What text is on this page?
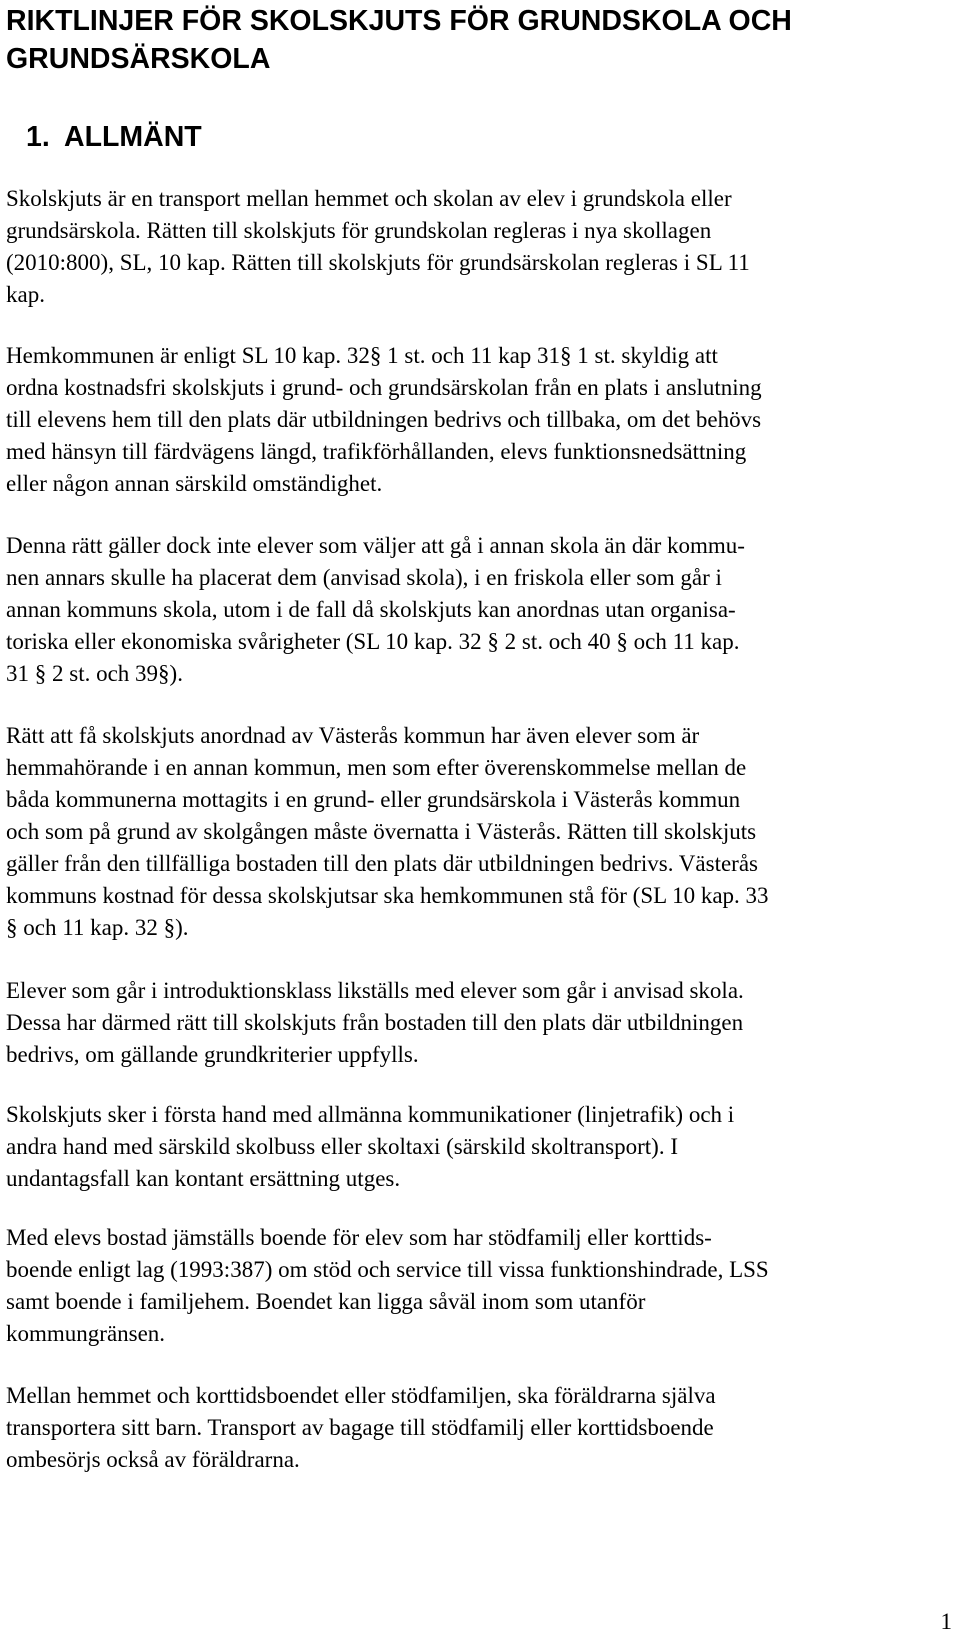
RIKTLINJER FÖR SKOLSKJUTS FÖR GRUNDSKOLA OCH
GRUNDSÄRSKOLA
1. ALLMÄNT
Skolskjuts är en transport mellan hemmet och skolan av elev i grundskola eller
grundsärskola. Rätten till skolskjuts för grundskolan regleras i nya skollagen
(2010:800), SL, 10 kap. Rätten till skolskjuts för grundsärskolan regleras i SL 11
kap.
Hemkommunen är enligt SL 10 kap. 32§ 1 st. och 11 kap 31§ 1 st. skyldig att
ordna kostnadsfri skolskjuts i grund- och grundsärskolan från en plats i anslutning
till elevens hem till den plats där utbildningen bedrivs och tillbaka, om det behövs
med hänsyn till färdvägens längd, trafikförhållanden, elevs funktionsnedsättning
eller någon annan särskild omständighet.
Denna rätt gäller dock inte elever som väljer att gå i annan skola än där kommu-
nen annars skulle ha placerat dem (anvisad skola), i en friskola eller som går i
annan kommuns skola, utom i de fall då skolskjuts kan anordnas utan organisa-
toriska eller ekonomiska svårigheter (SL 10 kap. 32 § 2 st. och 40 § och 11 kap.
31 § 2 st. och 39§).
Rätt att få skolskjuts anordnad av Västerås kommun har även elever som är
hemmahörande i en annan kommun, men som efter överenskommelse mellan de
båda kommunerna mottagits i en grund- eller grundsärskola i Västerås kommun
och som på grund av skolgången måste övernatta i Västerås. Rätten till skolskjuts
gäller från den tillfälliga bostaden till den plats där utbildningen bedrivs. Västerås
kommuns kostnad för dessa skolskjutsar ska hemkommunen stå för (SL 10 kap. 33
§ och 11 kap. 32 §).
Elever som går i introduktionsklass likställs med elever som går i anvisad skola.
Dessa har därmed rätt till skolskjuts från bostaden till den plats där utbildningen
bedrivs, om gällande grundkriterier uppfylls.
Skolskjuts sker i första hand med allmänna kommunikationer (linjetrafik) och i
andra hand med särskild skolbuss eller skoltaxi (särskild skoltransport). I
undantagsfall kan kontant ersättning utges.
Med elevs bostad jämställs boende för elev som har stödfamilj eller korttids-
boende enligt lag (1993:387) om stöd och service till vissa funktionshindrade, LSS
samt boende i familjehem. Boendet kan ligga såväl inom som utanför
kommungränsen.
Mellan hemmet och korttidsboendet eller stödfamiljen, ska föräldrarna själva
transportera sitt barn. Transport av bagage till stödfamilj eller korttidsboende
ombesörjs också av föräldrarna.
1
